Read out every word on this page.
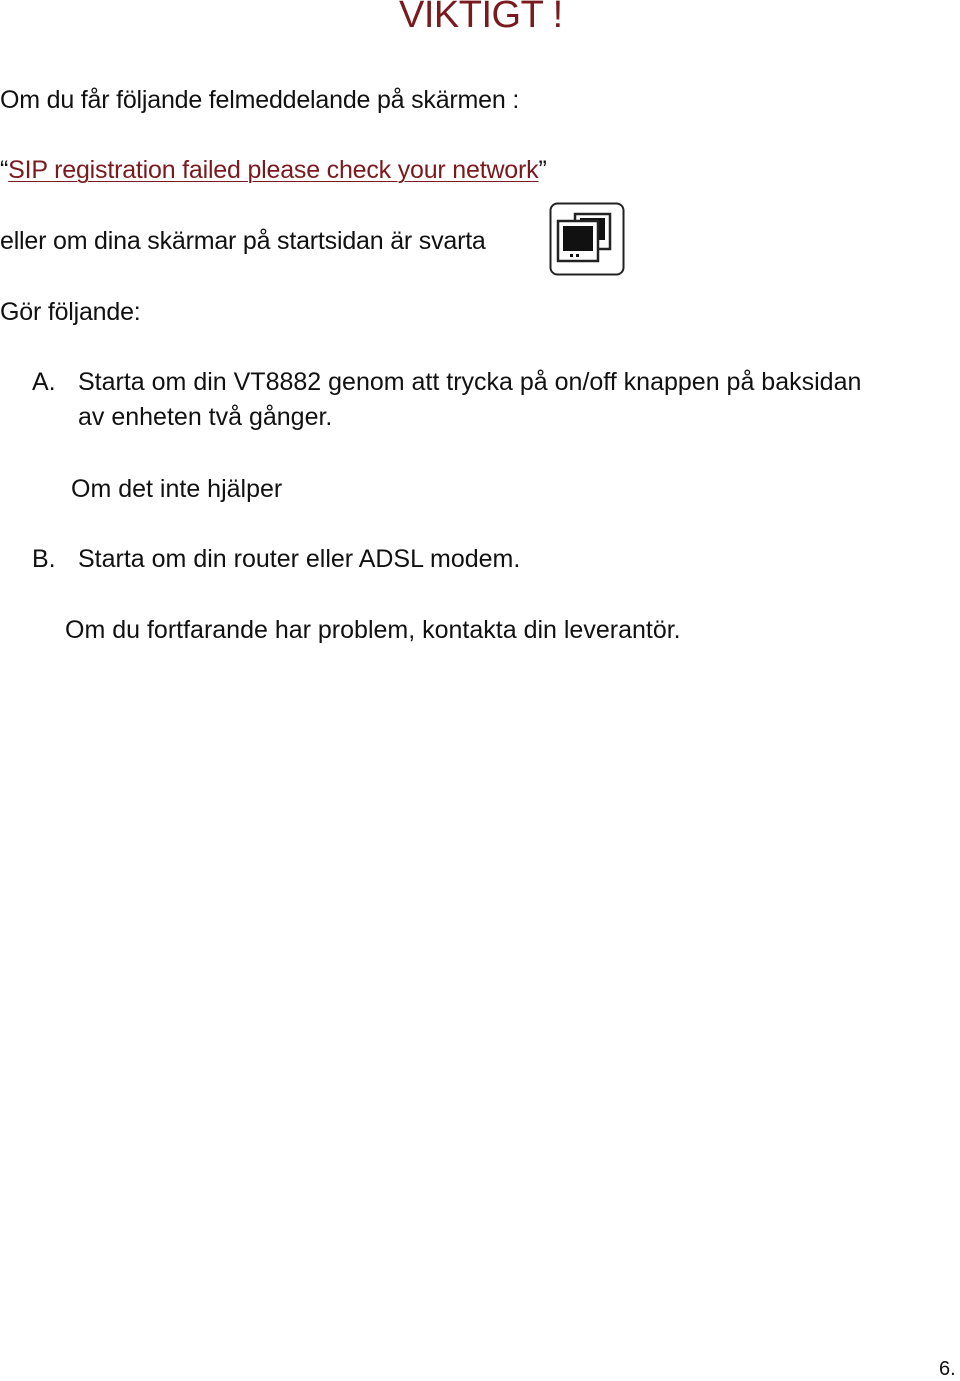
VIKTIGT !
Om du får följande felmeddelande på skärmen :
“SIP registration failed please check your network”
eller om dina skärmar på startsidan är svarta
Gör följande:
A. Starta om din VT8882 genom att trycka på on/off knappen på baksidan
av enheten två gånger.
Om det inte hjälper
B. Starta om din router eller ADSL modem.
Om du fortfarande har problem, kontakta din leverantör.
6.
